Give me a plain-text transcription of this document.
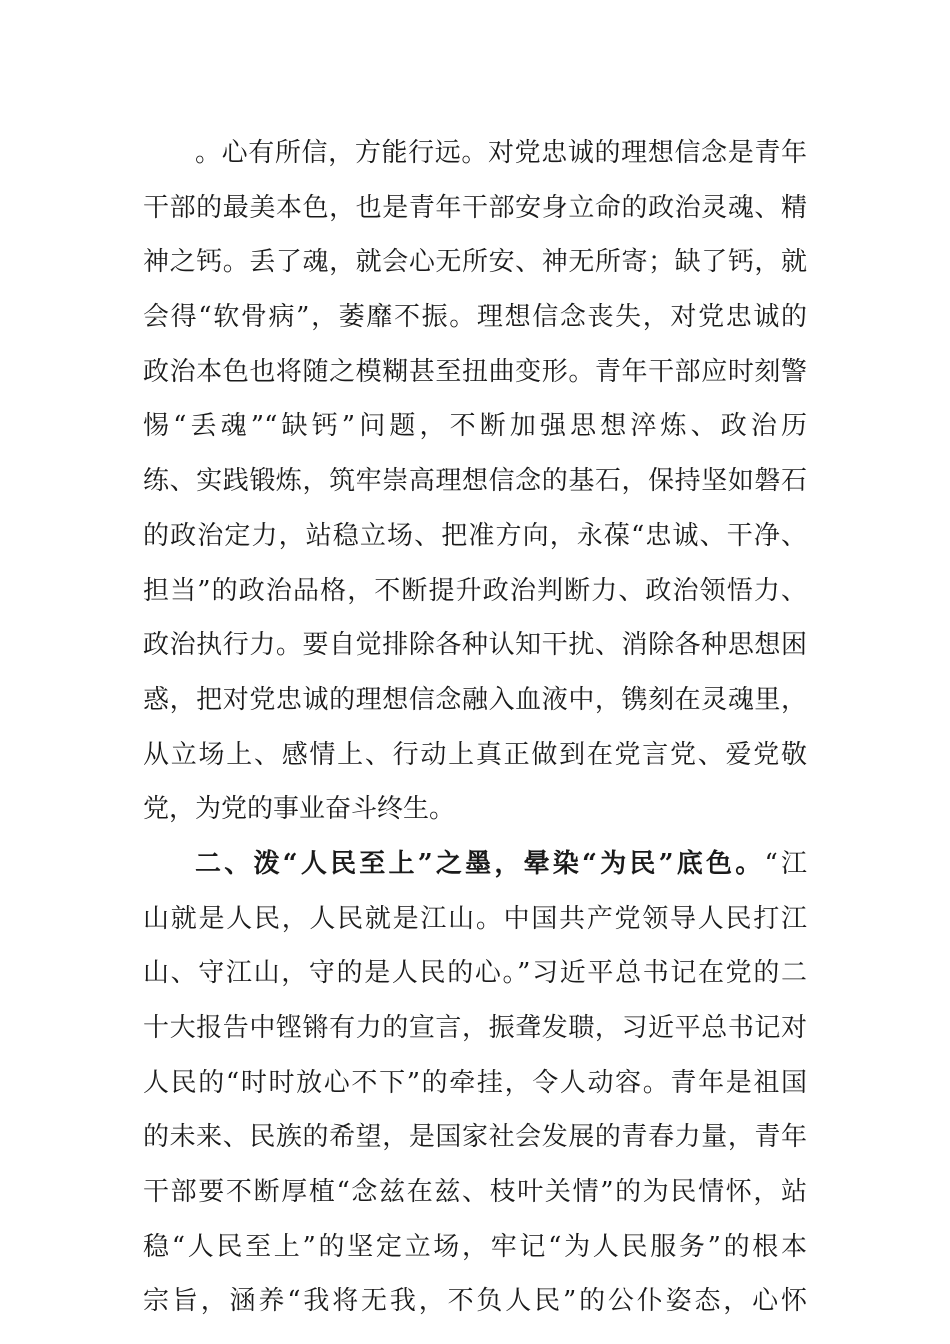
。心有所信，方能行远。对党忠诚的理想信念是青年
干部的最美本色，也是青年干部安身立命的政治灵魂、精
神之钙。丢了魂，就会心无所安、神无所寄；缺了钙，就
会得“软骨病”，萎靡不振。理想信念丧失，对党忠诚的
政治本色也将随之模糊甚至扭曲变形。青年干部应时刻警
惕“丢魂”“缺钙”问题，不断加强思想淬炼、政治历
练、实践锻炼，筑牢崇高理想信念的基石，保持坚如磐石
的政治定力，站稳立场、把准方向，永葆“忠诚、干净、
担当”的政治品格，不断提升政治判断力、政治领悟力、
政治执行力。要自觉排除各种认知干扰、消除各种思想困
惑，把对党忠诚的理想信念融入血液中，镌刻在灵魂里，
从立场上、感情上、行动上真正做到在党言党、爱党敬
党，为党的事业奋斗终生。
二、泼“人民至上”之墨，晕染“为民”底色。“江
山就是人民，人民就是江山。中国共产党领导人民打江
山、守江山，守的是人民的心。”习近平总书记在党的二
十大报告中铿锵有力的宣言，振聋发聩，习近平总书记对
人民的“时时放心不下”的牵挂，令人动容。青年是祖国
的未来、民族的希望，是国家社会发展的青春力量，青年
干部要不断厚植“念兹在兹、枝叶关情”的为民情怀，站
稳“人民至上”的坚定立场，牢记“为人民服务”的根本
宗旨，涵养“我将无我，不负人民”的公仆姿态，心怀
